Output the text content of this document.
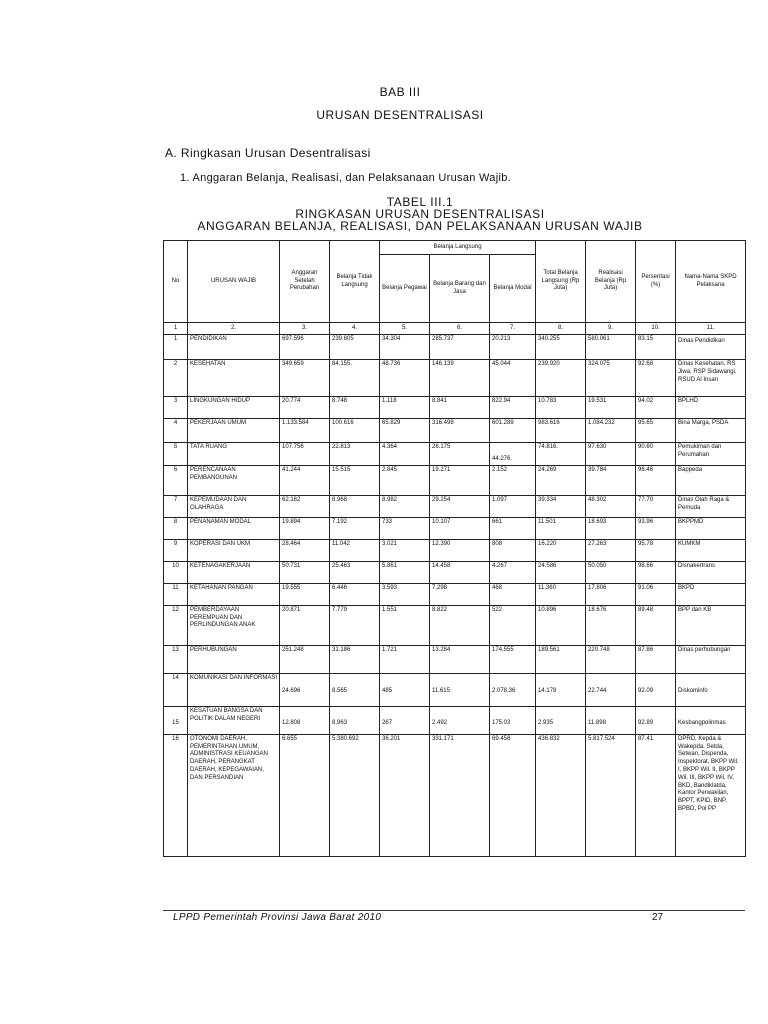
BAB III
URUSAN DESENTRALISASI
A. Ringkasan Urusan Desentralisasi
1. Anggaran Belanja, Realisasi, dan Pelaksanaan Urusan Wajib.
TABEL III.1
RINGKASAN URUSAN DESENTRALISASI
ANGGARAN BELANJA, REALISASI, DAN PELAKSANAAN URUSAN WAJIB
No	URUSAN WAJIB	Anggaran Setelah Perubahan	Belanja Tidak Langsung	Belanja Langsung			Total Belanja Langsung (Rp Juta)	Realisasi Belanja (Rp Juta)	Persentasi (%)	Nama-Nama SKPD Pelaksana
				Belanja Pegawai	Belanja Barang dan Jasa	Belanja Modal				
1	2.	3.	4.	5.	6.	7.	8.	9.	10.	11.
1	PENDIDIKAN	697.596	239.805	34.304	285.737	20.213	340.255	580.061	83.15	Dinas Pendidikan
2	KESEHATAN	349.659	84.155.	48.736	146.139	45.044	239.920	324.075	92.68	Dinas Kesehatan, RS Jiwa, RSP Sidawangi, RSUD Al Insan
3	LINGKUNGAN HIDUP	20.774	8.748	1.118	8.841	822.94	10.783	19.531	94.02	BPLHD
4	PEKERJAAN UMUM	1.133.584	100.616	65.829	316.498	601.289	983.616	1.084.232	95.65	Bina Marga, PSDA
5	TATA RUANG	107.756	22.813	4.364	26.175	44.276.	74.816.	97.630	90.60	Pemukiman dan Perumahan
6	PERENCANAAN PEMBANGUNAN	41.244	15.515	2.845	19.271	2.152	24.269	39.784	96.46	Bappeda
7	KEPEMUDAAN DAN OLAHRAGA	62.162	8.968	8.982	29.254	1.097	39.334	48.302	77.70	Dinas Olah Raga & Pemuda
8	PENANAMAN MODAL	19.894	7.192	733	10.107	661	11.501	18.693	93.96	BKPPMD
9	KOPERASI DAN UKM	28.464	11.042	3.021	12.390	808	16.220	27.263	95.78	KUMKM
10	KETENAGAKERJAAN	50.731	25.463	5.861	14.458	4.267	24.586	50.050	98.66	Disnakertrans
11	KETAHANAN PANGAN	19.555	6.446	3.593	7,298	468	11.360	17.806	91.06	BKPD
12	PEMBERDAYAAN PEREMPUAN DAN PERLINDUNGAN ANAK	20.871	7.779	1.551	8.822	522	10.896	18.676	89.48	BPP dan KB
13	PERHUBUNGAN	251.248	31.186	1.721	13.284	174.555	189.561	220.748	87.86	Dinas perhubungan
14	KOMUNIKASI DAN INFORMASI	24.696	8.565	485	11.615	2.078.36	14.178	22.744	92.09	Diskominfo
15	KESATUAN BANGSA DAN POLITIK DALAM NEGERI	12.808	8.963	267	2.492	175.03	2.935	11.898	92.89	Kesbangpolinmas
16	OTONOMI DAERAH, PEMERINTAHAN UMUM, ADMINISTRASI KEUANGAN DAERAH, PERANGKAT DAERAH, KEPEGAWAIAN, DAN PERSANDIAN	6.655	5.380.692	36.201	331.171	69.458	436.832	5.817.524	87.41	DPRD, Kepda & Wakepda, Setda, Setwan, Dispenda, Inspektorat, BKPP Wil. I, BKPP Wil. II, BKPP Wil. III, BKPP Wil. IV, BKD, Bandiklatda, Kantor Perwakilan, BPPT, KPID, BNP, BPBD, Pol PP
LPPD Pemerintah Provinsi Jawa Barat 2010	27
